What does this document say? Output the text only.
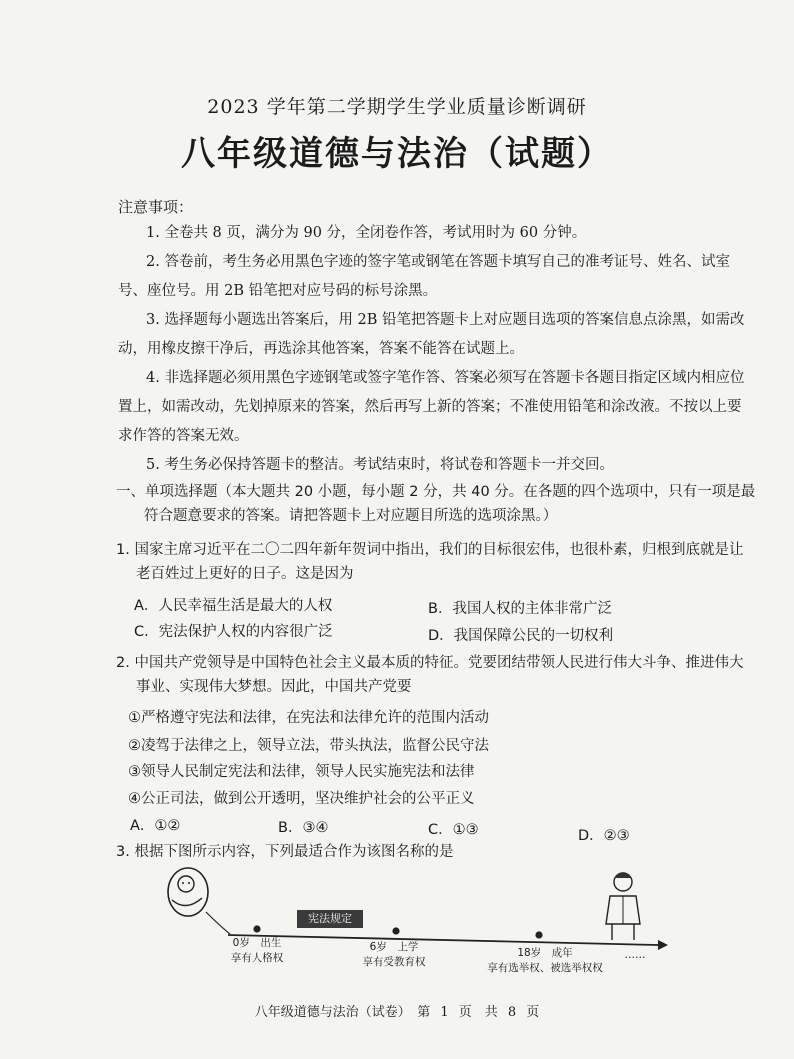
2023 学年第二学期学生学业质量诊断调研
八年级道德与法治（试题）
注意事项：

1. 全卷共 8 页，满分为 90 分，全闭卷作答，考试用时为 60 分钟。

2. 答卷前，考生务必用黑色字迹的签字笔或钢笔在答题卡填写自己的准考证号、姓名、试室号、座位号。用 2B 铅笔把对应号码的标号涂黑。

3. 选择题每小题选出答案后，用 2B 铅笔把答题卡上对应题目选项的答案信息点涂黑，如需改动，用橡皮擦干净后，再选涂其他答案，答案不能答在试题上。

4. 非选择题必须用黑色字迹钢笔或签字笔作答、答案必须写在答题卡各题目指定区域内相应位置上，如需改动，先划掉原来的答案，然后再写上新的答案；不准使用铅笔和涂改液。不按以上要求作答的答案无效。

5. 考生务必保持答题卡的整洁。考试结束时，将试卷和答题卡一并交回。

一、单项选择题（本大题共 20 小题，每小题 2 分，共 40 分。在各题的四个选项中，只有一项是最
符合题意要求的答案。请把答题卡上对应题目所选的选项涂黑。）
1. 国家主席习近平在二〇二四年新年贺词中指出，我们的目标很宏伟，也很朴素，归根到底就是让
老百姓过上更好的日子。这是因为
A．人民幸福生活是最大的人权	B．我国人权的主体非常广泛
C．宪法保护人权的内容很广泛	D．我国保障公民的一切权利
2. 中国共产党领导是中国特色社会主义最本质的特征。党要团结带领人民进行伟大斗争、推进伟大
事业、实现伟大梦想。因此，中国共产党要
①严格遵守宪法和法律，在宪法和法律允许的范围内活动
②凌驾于法律之上，领导立法，带头执法，监督公民守法
③领导人民制定宪法和法律，领导人民实施宪法和法律
④公正司法，做到公开透明，坚决维护社会的公平正义
A．①②	B．③④	C．①③	D．②③
3. 根据下图所示内容，下列最适合作为该图名称的是
宪法规定
0岁　出生
享有人格权
6岁　上学
享有受教育权
18岁　成年
享有选举权、被选举权权
……
八年级道德与法治（试卷）　第 1 页　共 8 页
